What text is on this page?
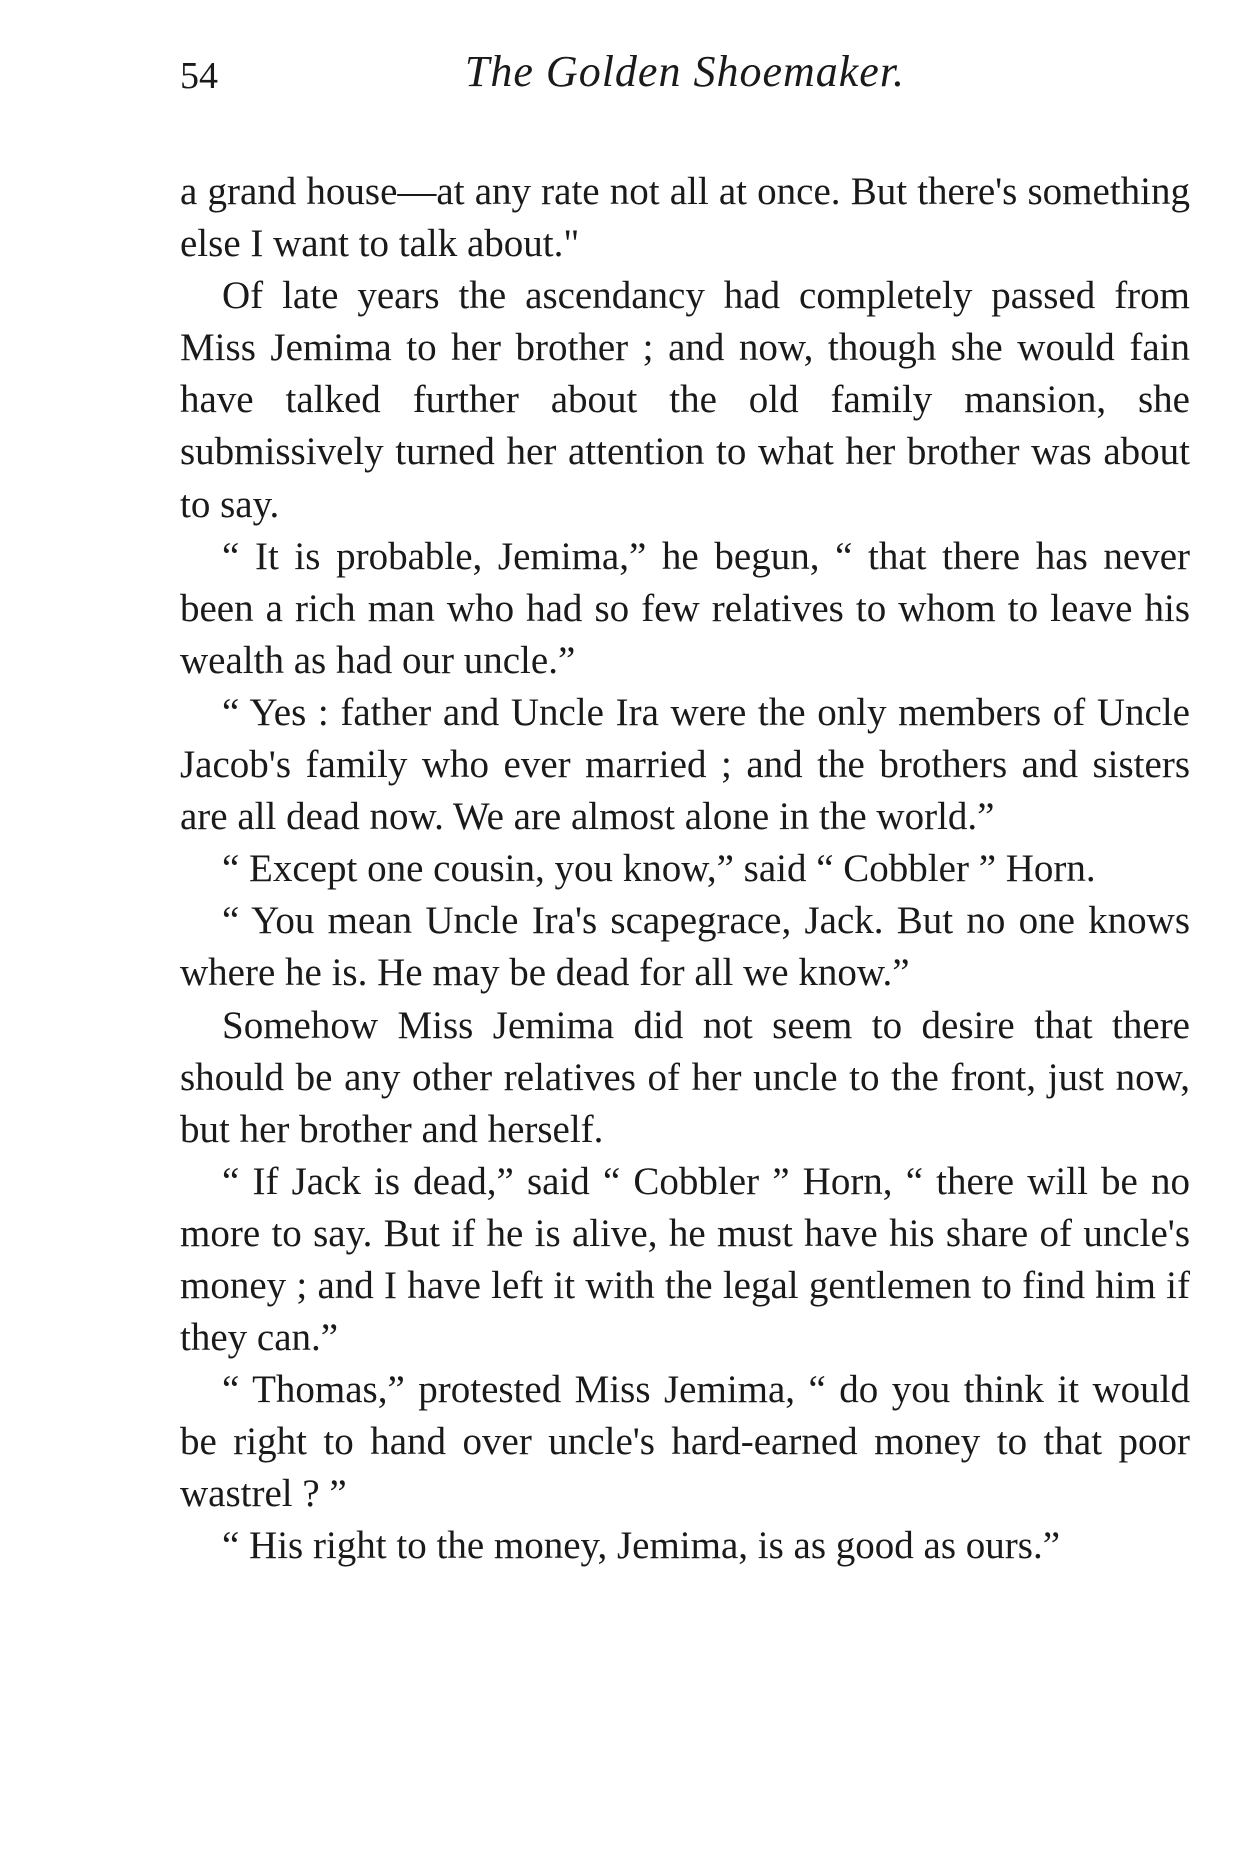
54	The Golden Shoemaker.

a grand house—at any rate not all at once. But there's something else I want to talk about."

Of late years the ascendancy had completely passed from Miss Jemima to her brother ; and now, though she would fain have talked further about the old family mansion, she submissively turned her attention to what her brother was about to say.

“ It is probable, Jemima,” he begun, “ that there has never been a rich man who had so few relatives to whom to leave his wealth as had our uncle.”

“ Yes : father and Uncle Ira were the only members of Uncle Jacob's family who ever married ; and the brothers and sisters are all dead now. We are almost alone in the world.”

“ Except one cousin, you know,” said “ Cobbler ” Horn.

“ You mean Uncle Ira's scapegrace, Jack. But no one knows where he is. He may be dead for all we know.”

Somehow Miss Jemima did not seem to desire that there should be any other relatives of her uncle to the front, just now, but her brother and herself.

“ If Jack is dead,” said “ Cobbler ” Horn, “ there will be no more to say. But if he is alive, he must have his share of uncle's money ; and I have left it with the legal gentlemen to find him if they can.”

“ Thomas,” protested Miss Jemima, “ do you think it would be right to hand over uncle's hard-earned money to that poor wastrel ? ”

“ His right to the money, Jemima, is as good as ours.”
